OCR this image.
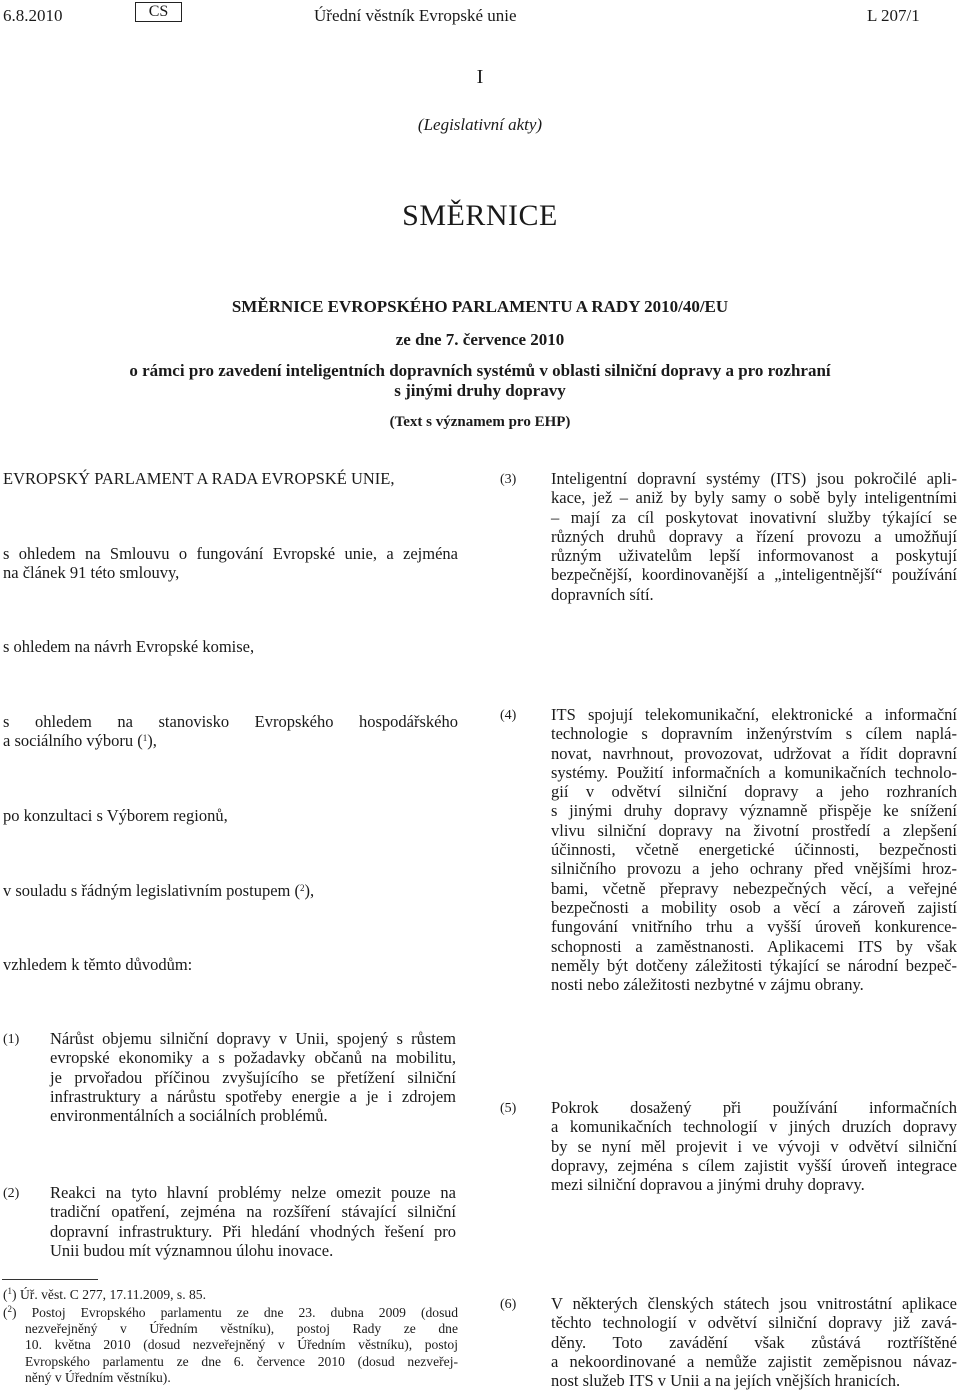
6.8.2010	CS	Úřední věstník Evropské unie	L 207/1
I
(Legislativní akty)
SMĚRNICE
SMĚRNICE EVROPSKÉHO PARLAMENTU A RADY 2010/40/EU
ze dne 7. července 2010
o rámci pro zavedení inteligentních dopravních systémů v oblasti silniční dopravy a pro rozhraní
s jinými druhy dopravy
(Text s významem pro EHP)
EVROPSKÝ PARLAMENT A RADA EVROPSKÉ UNIE,
s ohledem na Smlouvu o fungování Evropské unie, a zejména
na článek 91 této smlouvy,
s ohledem na návrh Evropské komise,
s ohledem na stanovisko Evropského hospodářského
a sociálního výboru ($^1$),
po konzultaci s Výborem regionů,
v souladu s řádným legislativním postupem ($^2$),
vzhledem k těmto důvodům:
(1) Nárůst objemu silniční dopravy v Unii, spojený s růstem
evropské ekonomiky a s požadavky občanů na mobilitu,
je prvořadou příčinou zvyšujícího se přetížení silniční
infrastruktury a nárůstu spotřeby energie a je i zdrojem
environmentálních a sociálních problémů.
(2) Reakci na tyto hlavní problémy nelze omezit pouze na
tradiční opatření, zejména na rozšíření stávající silniční
dopravní infrastruktury. Při hledání vhodných řešení pro
Unii budou mít významnou úlohu inovace.
($^1$) Úř. věst. C 277, 17.11.2009, s. 85.
($^2$) Postoj Evropského parlamentu ze dne 23. dubna 2009 (dosud
nezveřejněný v Úředním věstníku), postoj Rady ze dne
10. května 2010 (dosud nezveřejněný v Úředním věstníku), postoj
Evropského parlamentu ze dne 6. července 2010 (dosud nezveřej-
něný v Úředním věstníku).
(3) Inteligentní dopravní systémy (ITS) jsou pokročilé apli-
kace, jež – aniž by byly samy o sobě byly inteligentními
– mají za cíl poskytovat inovativní služby týkající se
různých druhů dopravy a řízení provozu a umožňují
různým uživatelům lepší informovanost a poskytují
bezpečnější, koordinovanější a „inteligentnější“ používání
dopravních sítí.
(4) ITS spojují telekomunikační, elektronické a informační
technologie s dopravním inženýrstvím s cílem naplá-
novat, navrhnout, provozovat, udržovat a řídit dopravní
systémy. Použití informačních a komunikačních technolo-
gií v odvětví silniční dopravy a jeho rozhraních
s jinými druhy dopravy významně přispěje ke snížení
vlivu silniční dopravy na životní prostředí a zlepšení
účinnosti, včetně energetické účinnosti, bezpečnosti
silničního provozu a jeho ochrany před vnějšími hroz-
bami, včetně přepravy nebezpečných věcí, a veřejné
bezpečnosti a mobility osob a věcí a zároveň zajistí
fungování vnitřního trhu a vyšší úroveň konkurence-
schopnosti a zaměstnanosti. Aplikacemi ITS by však
neměly být dotčeny záležitosti týkající se národní bezpeč-
nosti nebo záležitosti nezbytné v zájmu obrany.
(5) Pokrok dosažený při používání informačních
a komunikačních technologií v jiných druzích dopravy
by se nyní měl projevit i ve vývoji v odvětví silniční
dopravy, zejména s cílem zajistit vyšší úroveň integrace
mezi silniční dopravou a jinými druhy dopravy.
(6) V některých členských státech jsou vnitrostátní aplikace
těchto technologií v odvětví silniční dopravy již zavá-
děny. Toto zavádění však zůstává roztříštěné
a nekoordinované a nemůže zajistit zeměpisnou návaz-
nost služeb ITS v Unii a na jejích vnějších hranicích.
